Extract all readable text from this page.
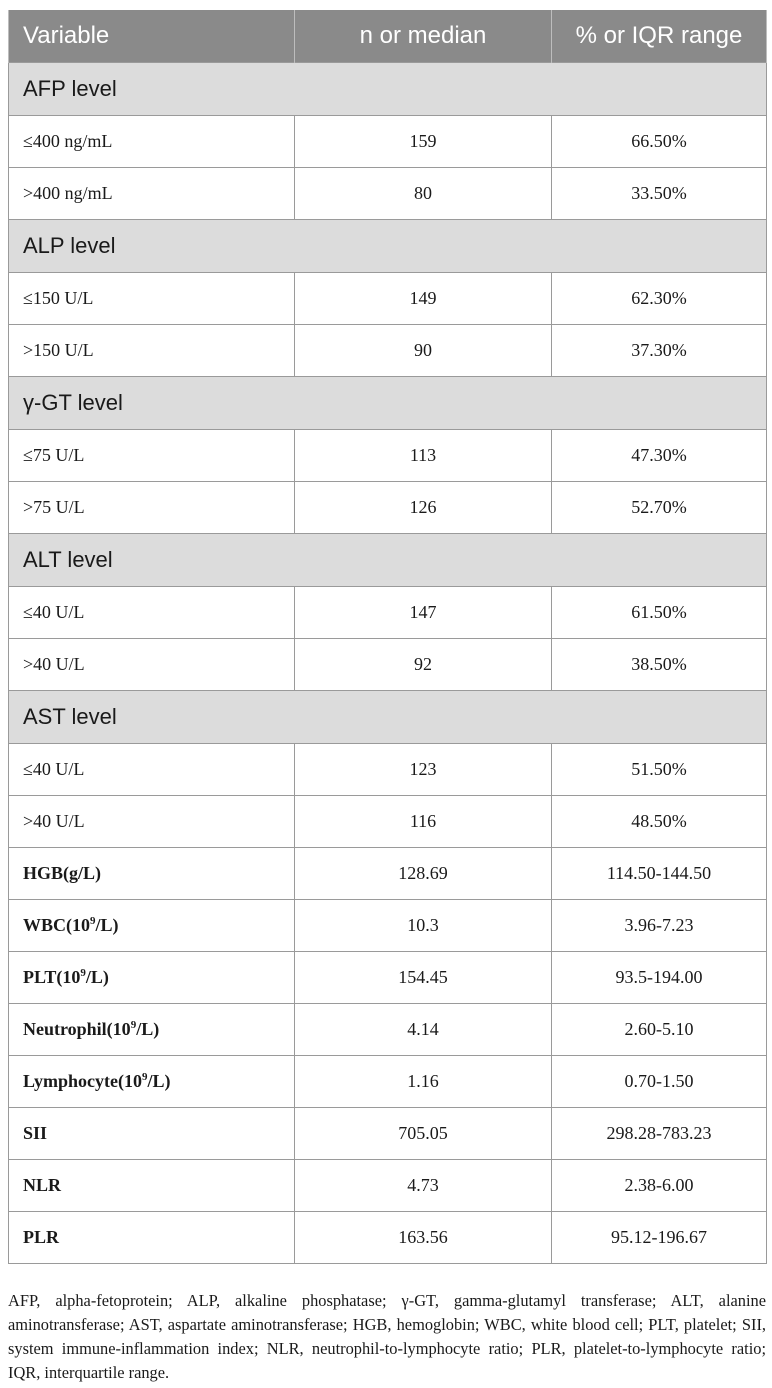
Variable	n or median	% or IQR range
AFP level		
≤400 ng/mL	159	66.50%
>400 ng/mL	80	33.50%
ALP level		
≤150 U/L	149	62.30%
>150 U/L	90	37.30%
γ-GT level		
≤75 U/L	113	47.30%
>75 U/L	126	52.70%
ALT level		
≤40 U/L	147	61.50%
>40 U/L	92	38.50%
AST level		
≤40 U/L	123	51.50%
>40 U/L	116	48.50%
HGB(g/L)	128.69	114.50-144.50
$WBC(10^9/L)$	10.3	3.96-7.23
$PLT(10^9/L)$	154.45	93.5-194.00
$Neutrophil(10^9/L)$	4.14	2.60-5.10
$Lymphocyte(10^9/L)$	1.16	0.70-1.50
SII	705.05	298.28-783.23
NLR	4.73	2.38-6.00
PLR	163.56	95.12-196.67
AFP, alpha-fetoprotein; ALP, alkaline phosphatase; γ-GT, gamma-glutamyl transferase; ALT, alanine aminotransferase; AST, aspartate aminotransferase; HGB, hemoglobin; WBC, white blood cell; PLT, platelet; SII, system immune-inflammation index; NLR, neutrophil-to-lymphocyte ratio; PLR, platelet-to-lymphocyte ratio; IQR, interquartile range.
